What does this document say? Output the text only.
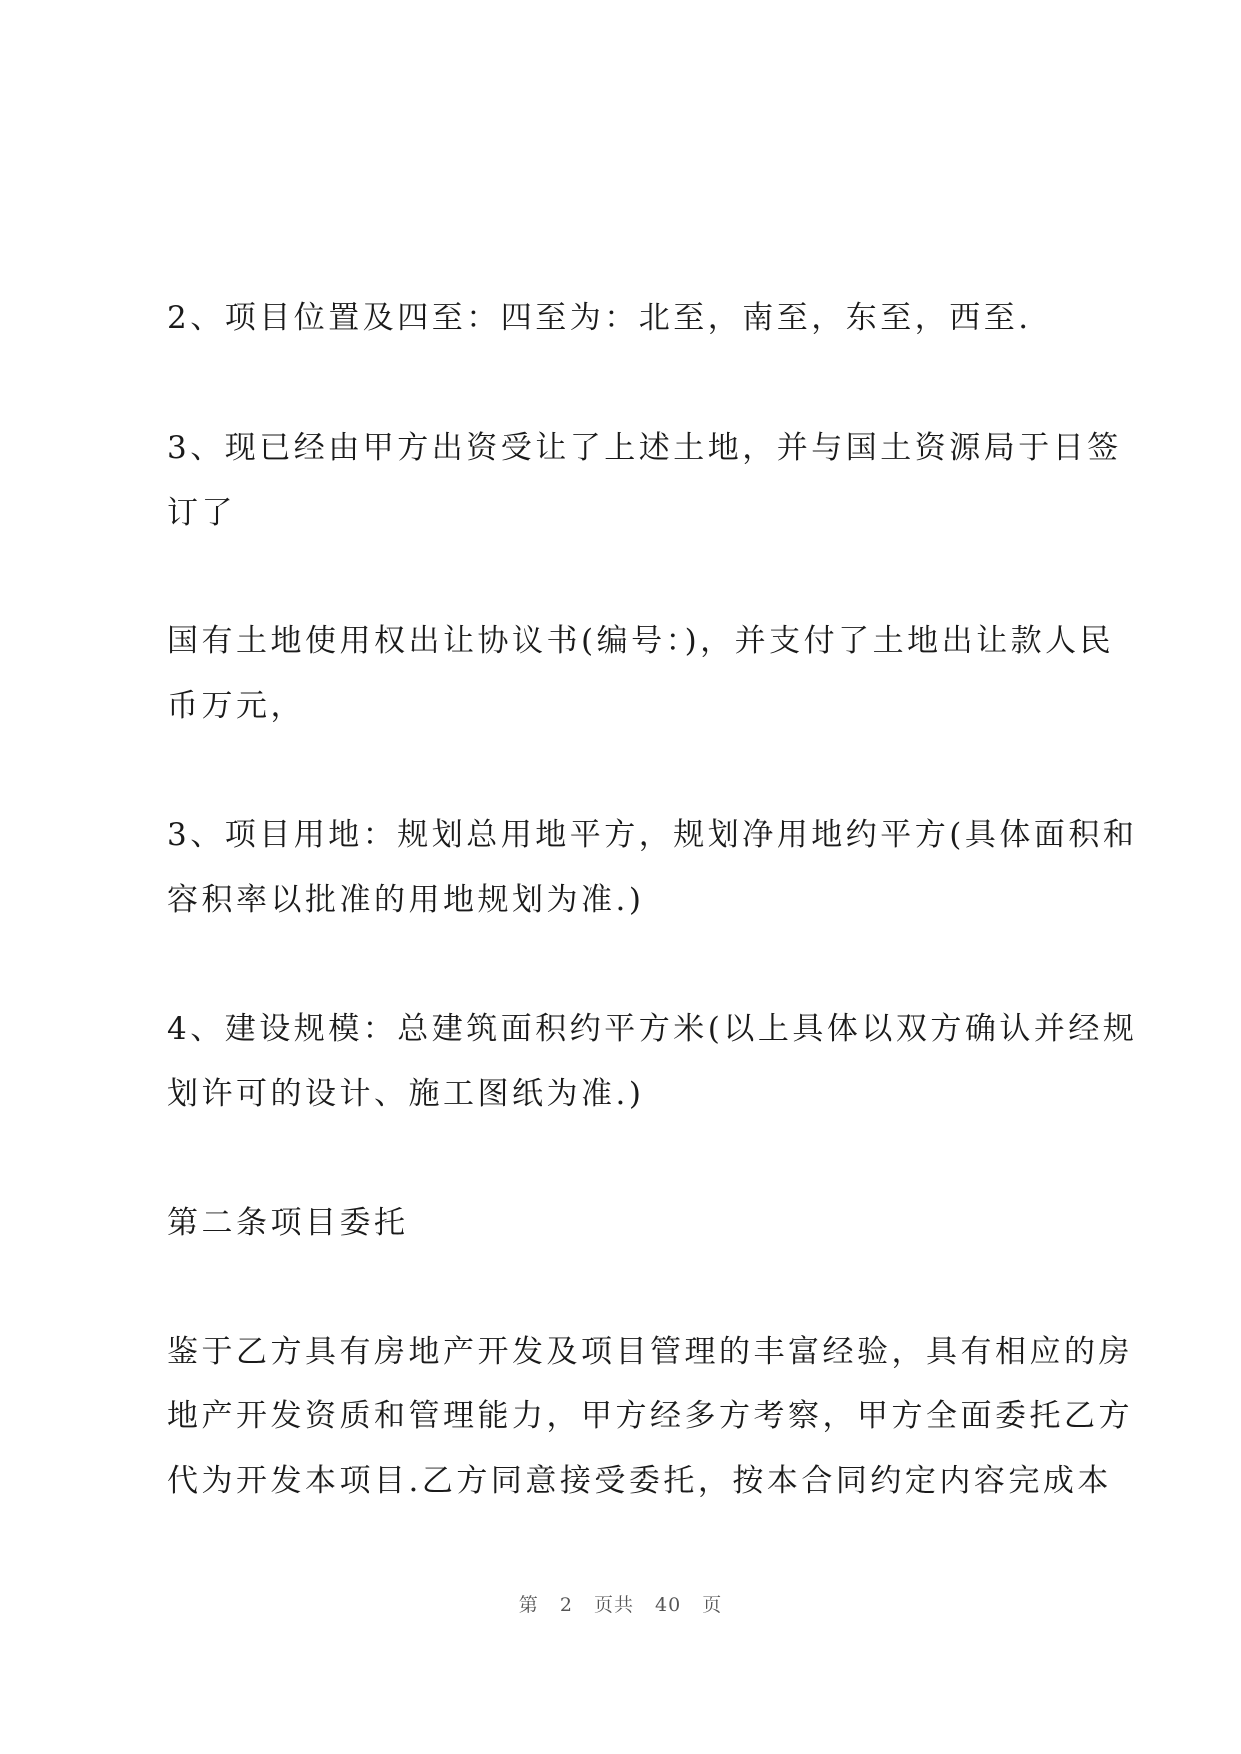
2、项目位置及四至：四至为：北至，南至，东至，西至.
3、现已经由甲方出资受让了上述土地，并与国土资源局于日签
订了
国有土地使用权出让协议书(编号：)，并支付了土地出让款人民
币万元，
3、项目用地：规划总用地平方，规划净用地约平方(具体面积和
容积率以批准的用地规划为准.)
4、建设规模：总建筑面积约平方米(以上具体以双方确认并经规
划许可的设计、施工图纸为准.)
第二条项目委托
鉴于乙方具有房地产开发及项目管理的丰富经验，具有相应的房
地产开发资质和管理能力，甲方经多方考察，甲方全面委托乙方
代为开发本项目.乙方同意接受委托，按本合同约定内容完成本
第 2 页共 40 页
